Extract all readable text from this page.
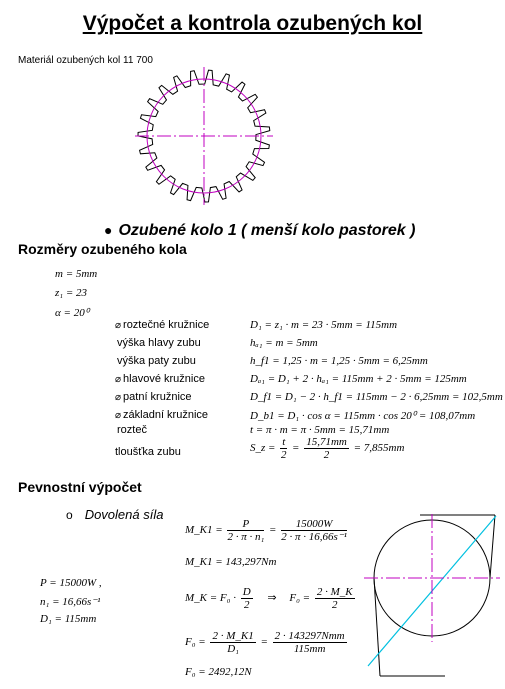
Výpočet a kontrola ozubených kol
Materiál ozubených kol 11 700
● Ozubené kolo 1 ( menší kolo pastorek )
Rozměry ozubeného kola
m = 5mm
z₁ = 23
α = 20⁰
⌀ roztečné kružnice	D₁ = z₁ · m = 23 · 5mm = 115mm
výška hlavy zubu	hₐ₁ = m = 5mm
výška paty zubu	h_f1 = 1,25 · m = 1,25 · 5mm = 6,25mm
⌀ hlavové kružnice	Dₐ₁ = D₁ + 2 · hₐ₁ = 115mm + 2 · 5mm = 125mm
⌀ patní kružnice	D_f1 = D₁ − 2 · h_f1 = 115mm − 2 · 6,25mm = 102,5mm
⌀ základní kružnice	D_b1 = D₁ · cos α = 115mm · cos 20⁰ = 108,07mm
rozteč	t = π · m = π · 5mm = 15,71mm
tloušťka zubu	S_z = $\frac{t}{2} = \frac{15,71mm}{2} = 7,855mm$
Pevnostní výpočet
o Dovolená síla
M_K1 = $\frac{P}{\text{2 · π · n₁}} = \frac{15000W}{\text{2 · π · 16,66s⁻¹}}$
M_K1 = 143,297Nm
P = 15000W ,
n₁ = 16,66s⁻¹
D₁ = 115mm
M_K = $F_0 \cdot \frac{D}{2}$ ⇒ $F_0 = \frac{2 \cdot M\_K}{2}$
$F_0 = \frac{2 \cdot M\_K1}{\text{D₁}} = \frac{\text{2 · 143297Nmm}}{115mm}$
F₀ = 2492,12N
